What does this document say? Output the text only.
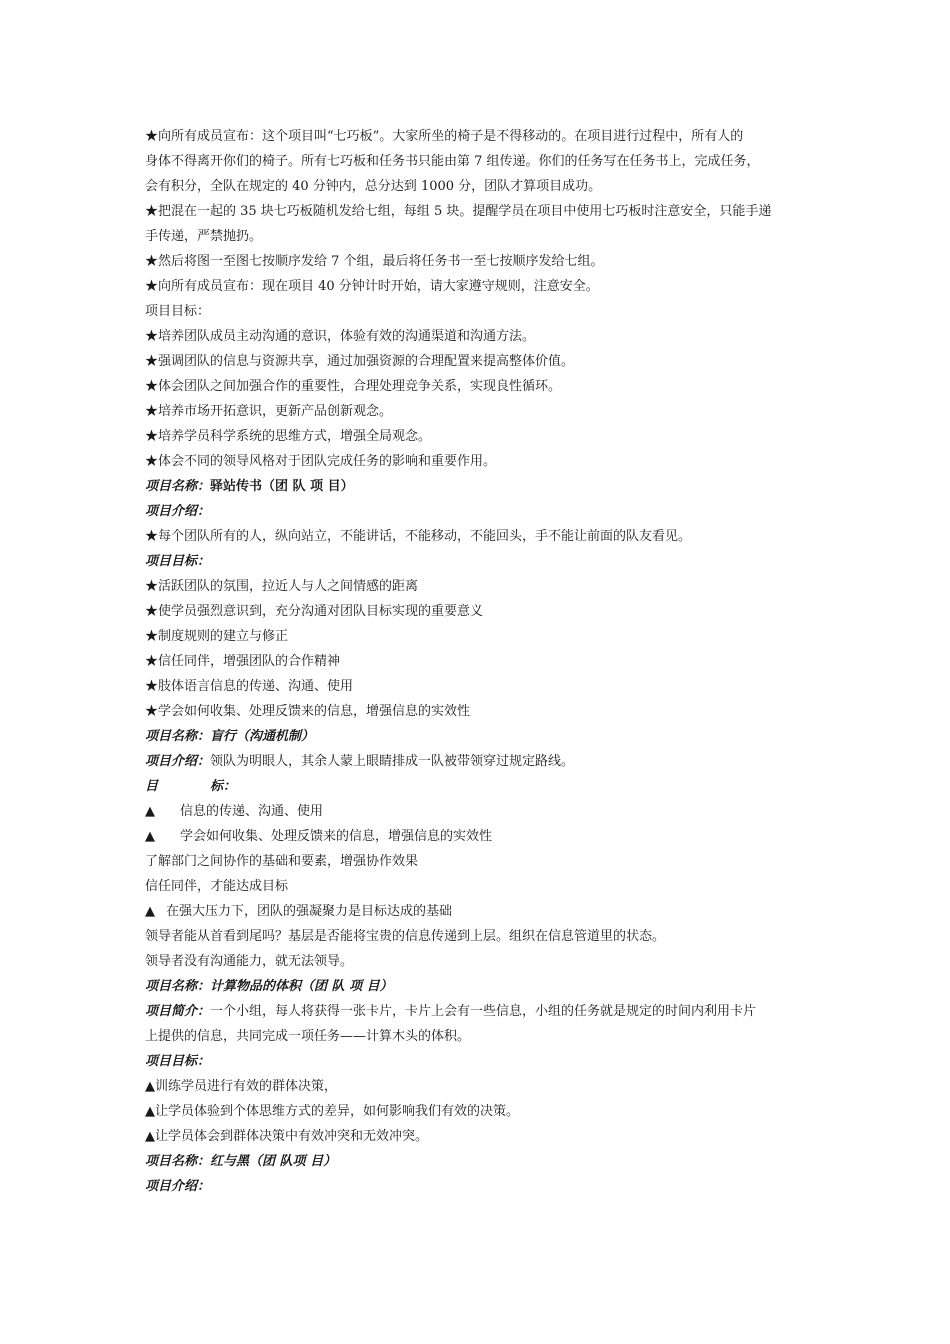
★向所有成员宣布：这个项目叫“七巧板”。大家所坐的椅子是不得移动的。在项目进行过程中，所有人的
身体不得离开你们的椅子。所有七巧板和任务书只能由第 7 组传递。你们的任务写在任务书上，完成任务，
会有积分，全队在规定的 40 分钟内，总分达到 1000 分，团队才算项目成功。
★把混在一起的 35 块七巧板随机发给七组，每组 5 块。提醒学员在项目中使用七巧板时注意安全，只能手递
手传递，严禁抛扔。
★然后将图一至图七按顺序发给 7 个组，最后将任务书一至七按顺序发给七组。
★向所有成员宣布：现在项目 40 分钟计时开始，请大家遵守规则，注意安全。
项目目标：
★培养团队成员主动沟通的意识，体验有效的沟通渠道和沟通方法。
★强调团队的信息与资源共享，通过加强资源的合理配置来提高整体价值。
★体会团队之间加强合作的重要性，合理处理竞争关系，实现良性循环。
★培养市场开拓意识，更新产品创新观念。
★培养学员科学系统的思维方式，增强全局观念。
★体会不同的领导风格对于团队完成任务的影响和重要作用。
项目名称：驿站传书（团 队 项 目）
项目介绍：
★每个团队所有的人，纵向站立，不能讲话，不能移动，不能回头，手不能让前面的队友看见。
项目目标：
★活跃团队的氛围，拉近人与人之间情感的距离
★使学员强烈意识到，充分沟通对团队目标实现的重要意义
★制度规则的建立与修正
★信任同伴，增强团队的合作精神
★肢体语言信息的传递、沟通、使用
★学会如何收集、处理反馈来的信息，增强信息的实效性
项目名称：盲行（沟通机制）
项目介绍：领队为明眼人，其余人蒙上眼睛排成一队被带领穿过规定路线。
目	标：
▲ 信息的传递、沟通、使用
▲ 学会如何收集、处理反馈来的信息，增强信息的实效性
了解部门之间协作的基础和要素，增强协作效果
信任同伴，才能达成目标
▲ 在强大压力下，团队的强凝聚力是目标达成的基础
领导者能从首看到尾吗？基层是否能将宝贵的信息传递到上层。组织在信息管道里的状态。
领导者没有沟通能力，就无法领导。
项目名称：计算物品的体积（团 队 项 目）
项目简介：一个小组，每人将获得一张卡片，卡片上会有一些信息，小组的任务就是规定的时间内利用卡片
上提供的信息，共同完成一项任务——计算木头的体积。
项目目标：
▲训练学员进行有效的群体决策，
▲让学员体验到个体思维方式的差异，如何影响我们有效的决策。
▲让学员体会到群体决策中有效冲突和无效冲突。
项目名称：红与黑（团 队项 目）
项目介绍：
